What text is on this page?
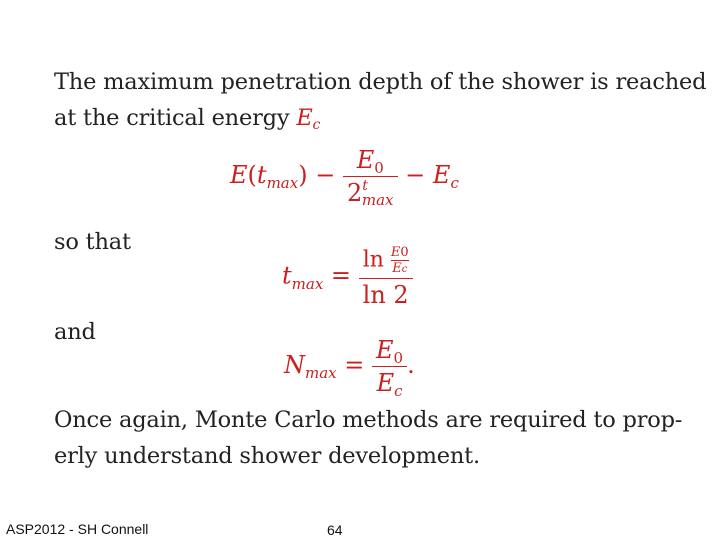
The maximum penetration depth of the shower is reached
at the critical energy Ec
$E(t_{max}) - \frac{E_0}{2^t\max} - E_c$
so that
$t_{max} = \frac{\ln \frac{E0}{Ec}}{\ln 2}$
and
$N_{max} = \frac{E_0}{E_c}$ .
Once again, Monte Carlo methods are required to prop-
erly understand shower development.
ASP2012 - SH Connell	64
